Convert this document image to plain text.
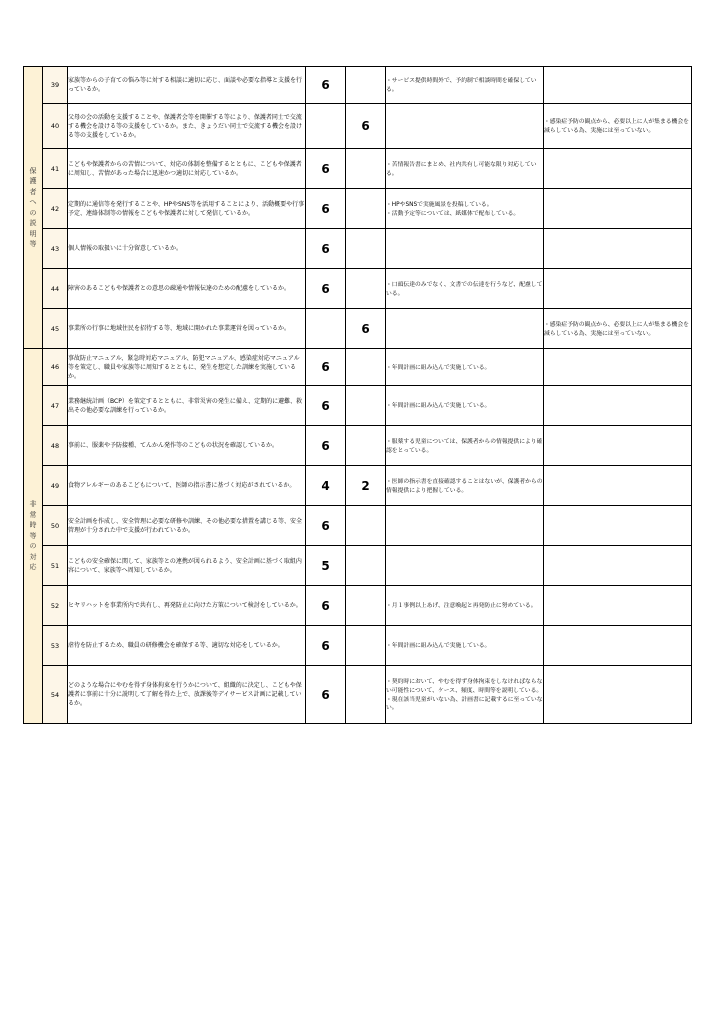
保護者への説明等	39	家族等からの子育ての悩み等に対する相談に適切に応じ、面談や必要な指導と支援を行っているか。	6		・サービス提供時間外で、予約制で相談時間を確保している。	

	40	父母の会の活動を支援することや、保護者会等を開催する等により、保護者同士で交流する機会を設ける等の支援をしているか。また、きょうだい同士で交流する機会を設ける等の支援をしているか。		6		・感染症予防の観点から、必要以上に人が集まる機会を減らしている為、実施には至っていない。

	41	こどもや保護者からの苦情について、対応の体制を整備するとともに、こどもや保護者に周知し、苦情があった場合に迅速かつ適切に対応しているか。	6		・苦情報告書にまとめ、社内共有し可能な限り対応している。	

	42	定期的に通信等を発行することや、HPやSNS等を活用することにより、活動概要や行事予定、連絡体制等の情報をこどもや保護者に対して発信しているか。	6		・HPやSNSで実施風景を投稿している。
・活動予定等については、紙媒体で配布している。	

	43	個人情報の取扱いに十分留意しているか。	6		

	44	障害のあるこどもや保護者との意思の疎通や情報伝達のための配慮をしているか。	6		・口頭伝達のみでなく、文書での伝達を行うなど、配慮している。	

	45	事業所の行事に地域住民を招待する等、地域に開かれた事業運営を図っているか。		6		・感染症予防の観点から、必要以上に人が集まる機会を減らしている為、実施には至っていない。

非常時等の対応	46	事故防止マニュアル、緊急時対応マニュアル、防犯マニュアル、感染症対応マニュアル等を策定し、職員や家族等に周知するとともに、発生を想定した訓練を実施しているか。	6		・年間計画に組み込んで実施している。	

	47	業務継続計画（BCP）を策定するとともに、非常災害の発生に備え、定期的に避難、救出その他必要な訓練を行っているか。	6		・年間計画に組み込んで実施している。	

	48	事前に、服薬や予防接種、てんかん発作等のこどもの状況を確認しているか。	6		・服薬する児童については、保護者からの情報提供により確認をとっている。	

	49	食物アレルギーのあるこどもについて、医師の指示書に基づく対応がされているか。	4	2	・医師の指示書を直接確認することはないが、保護者からの情報提供により把握している。	

	50	安全計画を作成し、安全管理に必要な研修や訓練、その他必要な措置を講じる等、安全管理が十分された中で支援が行われているか。	6		

	51	こどもの安全確保に関して、家族等との連携が図られるよう、安全計画に基づく取組内容について、家族等へ周知しているか。	5		

	52	ヒヤリハットを事業所内で共有し、再発防止に向けた方策について検討をしているか。	6		・月１事例以上あげ、注意喚起と再発防止に努めている。	

	53	虐待を防止するため、職員の研修機会を確保する等、適切な対応をしているか。	6		・年間計画に組み込んで実施している。	

	54	どのような場合にやむを得ず身体拘束を行うかについて、組織的に決定し、こどもや保護者に事前に十分に説明して了解を得た上で、放課後等デイサービス計画に記載しているか。	6		・契約時において、やむを得ず身体拘束をしなければならない可能性について、ケース、頻度、時間等を説明している。
・現在該当児童がいない為、計画書に記載するに至っていない。	
